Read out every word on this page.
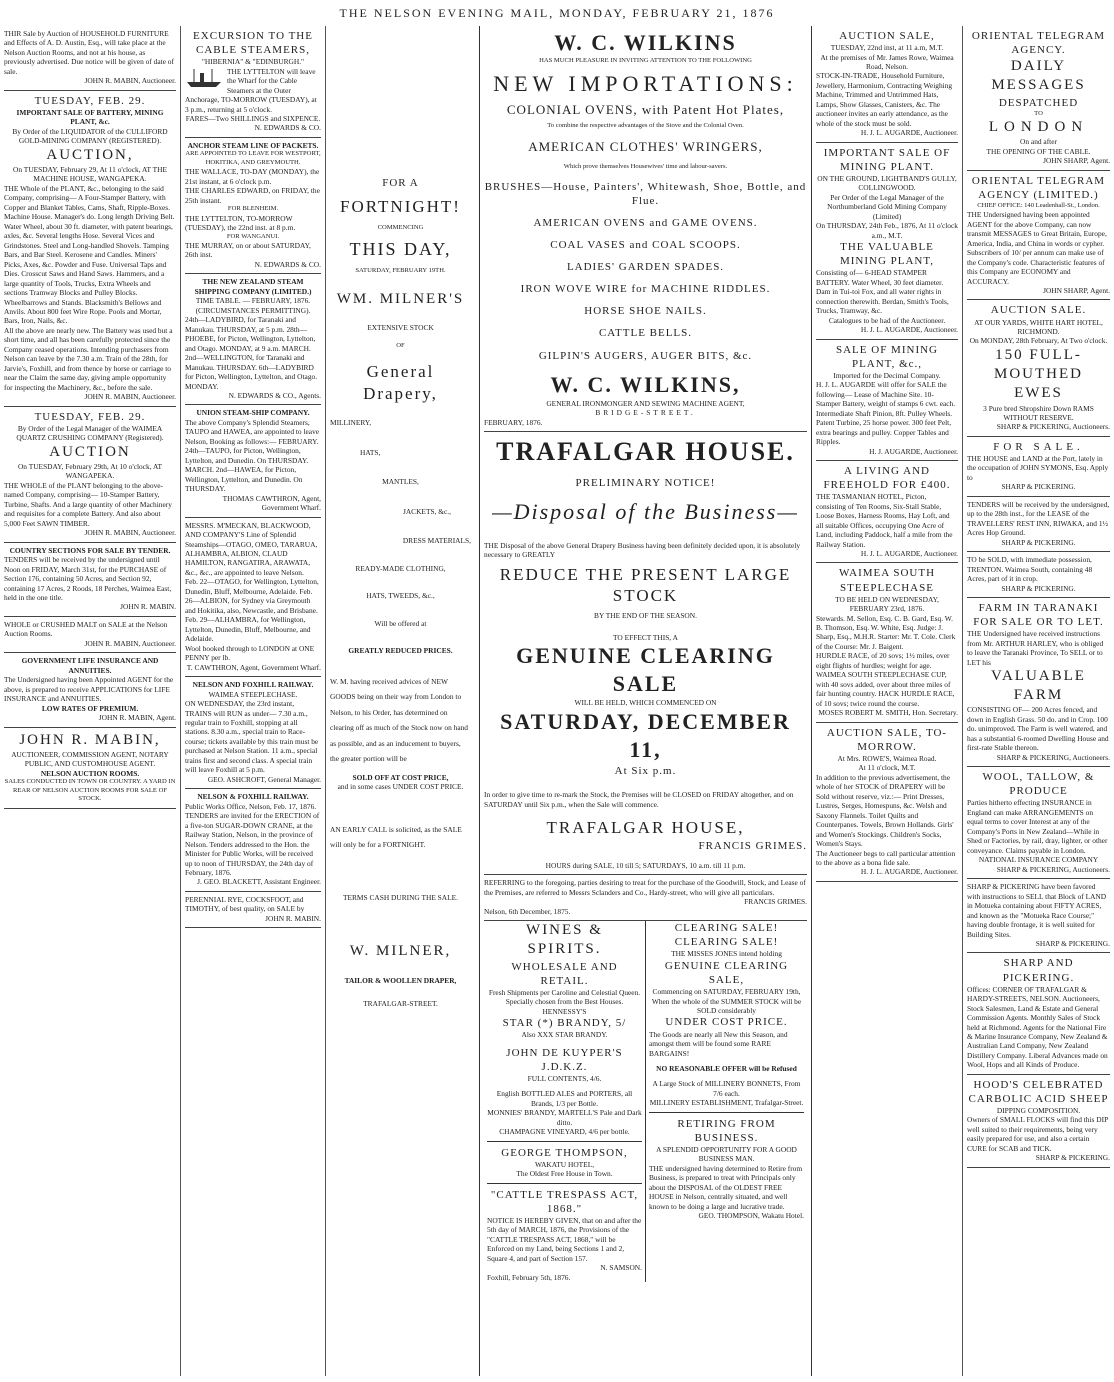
THE NELSON EVENING MAIL, MONDAY, FEBRUARY 21, 1876
THIR Sale by Auction of HOUSEHOLD FURNITURE and Effects of A. D. Austin, Esq., will take place at the Nelson Auction Rooms, and not at his house, as previously advertised. Due notice will be given of date of sale.
JOHN R. MABIN, Auctioneer.
TUESDAY, FEB. 29.
IMPORTANT SALE OF BATTERY, MINING PLANT, &c.
By Order of the LIQUIDATOR of the CULLIFORD GOLD-MINING COMPANY (REGISTERED).
AUCTION,
On TUESDAY, February 29, At 11 o'clock, AT THE MACHINE HOUSE, WANGAPEKA.
THE Whole of the PLANT, &c., belonging to the said Company, comprising— A Four-Stamper Battery, with Copper and Blanket Tables, Cams, Shaft, Ripple-Boxes. Machine House. Manager's do. Long length Driving Belt. Water Wheel, about 30 ft. diameter, with patent bearings, axles, &c. Several lengths Hose. Several Vices and Grindstones. Steel and Long-handled Shovels. Tamping Bars, and Bar Steel. Kerosene and Candles. Miners' Picks, Axes, &c. Powder and Fuse. Universal Taps and Dies. Crosscut Saws and Hand Saws. Hammers, and a large quantity of Tools, Trucks, Extra Wheels and sections Tramway Blocks and Pulley Blocks. Wheelbarrows and Stands. Blacksmith's Bellows and Anvils. About 800 feet Wire Rope. Pools and Mortar, Bars, Iron, Nails, &c.
All the above are nearly new. The Battery was used but a short time, and all has been carefully protected since the Company ceased operations. Intending purchasers from Nelson can leave by the 7.30 a.m. Train of the 28th, for Jarvie's, Foxhill, and from thence by horse or carriage to near the Claim the same day, giving ample opportunity for inspecting the Machinery, &c., before the sale.
JOHN R. MABIN, Auctioneer.
TUESDAY, FEB. 29.
By Order of the Legal Manager of the WAIMEA QUARTZ CRUSHING COMPANY (Registered).
AUCTION
On TUESDAY, February 29th, At 10 o'clock, AT WANGAPEKA.
THE WHOLE of the PLANT belonging to the above-named Company, comprising— 10-Stamper Battery, Turbine, Shafts. And a large quantity of other Machinery and requisites for a complete Battery. And also about 5,000 Feet SAWN TIMBER.
JOHN R. MABIN, Auctioneer.
COUNTRY SECTIONS FOR SALE BY TENDER.
TENDERS will be received by the undersigned until Noon on FRIDAY, March 31st, for the PURCHASE of Section 176, containing 50 Acres, and Section 92, containing 17 Acres, 2 Roods, 18 Perches, Waimea East, held in the one title.
JOHN R. MABIN.
WHOLE or CRUSHED MALT on SALE at the Nelson Auction Rooms.
JOHN R. MABIN, Auctioneer.
GOVERNMENT LIFE INSURANCE AND ANNUITIES.
The Undersigned having been Appointed AGENT for the above, is prepared to receive APPLICATIONS for LIFE INSURANCE and ANNUITIES.
LOW RATES OF PREMIUM.
JOHN R. MABIN, Agent.
JOHN R. MABIN,
AUCTIONEER, COMMISSION AGENT, NOTARY PUBLIC, AND CUSTOMHOUSE AGENT.
NELSON AUCTION ROOMS.
SALES CONDUCTED IN TOWN OR COUNTRY. A YARD IN REAR OF NELSON AUCTION ROOMS FOR SALE OF STOCK.
EXCURSION TO THE CABLE STEAMERS,
"HIBERNIA" & "EDINBURGH."
THE LYTTELTON will leave the Wharf for the Cable Steamers at the Outer Anchorage, TO-MORROW (TUESDAY), at 3 p.m., returning at 5 o'clock.
FARES—Two SHILLINGS and SIXPENCE.
N. EDWARDS & CO.
ANCHOR STEAM LINE OF PACKETS.
ARE APPOINTED TO LEAVE FOR WESTPORT, HOKITIKA, AND GREYMOUTH.
THE WALLACE, TO-DAY (MONDAY), the 21st instant, at 6 o'clock p.m.
THE CHARLES EDWARD, on FRIDAY, the 25th instant.
FOR BLENHEIM.
THE LYTTELTON, TO-MORROW (TUESDAY), the 22nd inst. at 8 p.m.
FOR WANGANUI.
THE MURRAY, on or about SATURDAY, 26th inst.
N. EDWARDS & CO.
THE NEW ZEALAND STEAM SHIPPING COMPANY (LIMITED.)
TIME TABLE. — FEBRUARY, 1876. (CIRCUMSTANCES PERMITTING).
24th—LADYBIRD, for Taranaki and Manukau. THURSDAY, at 5 p.m. 28th—PHOEBE, for Picton, Wellington, Lyttelton, and Otago. MONDAY, at 9 a.m. MARCH. 2nd—WELLINGTON, for Taranaki and Manukau. THURSDAY. 6th—LADYBIRD for Picton, Wellington, Lyttelton, and Otago. MONDAY.
N. EDWARDS & CO., Agents.
UNION STEAM-SHIP COMPANY.
The above Company's Splendid Steamers, TAUPO and HAWEA, are appointed to leave Nelson, Booking as follows:— FEBRUARY. 24th—TAUPO, for Picton, Wellington, Lyttelton, and Dunedin. On THURSDAY. MARCH. 2nd—HAWEA, for Picton, Wellington, Lyttelton, and Dunedin. On THURSDAY.
THOMAS CAWTHRON, Agent, Government Wharf.
MESSRS. M'MECKAN, BLACKWOOD, AND COMPANY'S Line of Splendid Steamships—OTAGO, OMEO, TARARUA, ALHAMBRA, ALBION, CLAUD HAMILTON, RANGATIRA, ARAWATA, &c., &c., are appointed to leave Nelson.
Feb. 22—OTAGO, for Wellington, Lyttelton, Dunedin, Bluff, Melbourne, Adelaide. Feb. 26—ALBION, for Sydney via Greymouth and Hokitika, also, Newcastle, and Brisbane. Feb. 29—ALHAMBRA, for Wellington, Lyttelton, Dunedin, Bluff, Melbourne, and Adelaide.
Wool booked through to LONDON at ONE PENNY per lb.
T. CAWTHRON, Agent, Government Wharf.
NELSON AND FOXHILL RAILWAY.
WAIMEA STEEPLECHASE.
ON WEDNESDAY, the 23rd instant, TRAINS will RUN as under— 7.30 a.m., regular train to Foxhill, stopping at all stations. 8.30 a.m., special train to Race-course; tickets available by this train must be purchased at Nelson Station. 11 a.m., special trains first and second class. A special train will leave Foxhill at 5 p.m.
GEO. ASHCROFT, General Manager.
NELSON & FOXHILL RAILWAY.
Public Works Office, Nelson, Feb. 17, 1876. TENDERS are invited for the ERECTION of a five-ton SUGAR-DOWN CRANE, at the Railway Station, Nelson, in the province of Nelson. Tenders addressed to the Hon. the Minister for Public Works, will be received up to noon of THURSDAY, the 24th day of February, 1876.
J. GEO. BLACKETT, Assistant Engineer.
PERENNIAL RYE, COCKSFOOT, and TIMOTHY, of best quality, on SALE by
JOHN R. MABIN.
FOR A
FORTNIGHT!
COMMENCING
THIS DAY,
SATURDAY, FEBRUARY 19TH.
WM. MILNER'S
EXTENSIVE STOCK
OF
General Drapery,
MILLINERY,
HATS,
MANTLES,
JACKETS, &c.,
DRESS MATERIALS,
READY-MADE CLOTHING,
HATS, TWEEDS, &c.,
Will be offered at
GREATLY REDUCED PRICES.
W. M. having received advices of NEW GOODS being on their way from London to Nelson, to his Order, has determined on clearing off as much of the Stock now on hand as possible, and as an inducement to buyers, the greater portion will be
SOLD OFF AT COST PRICE,
and in some cases UNDER COST PRICE.
AN EARLY CALL is solicited, as the SALE will only be for a FORTNIGHT.
TERMS CASH DURING THE SALE.
W. MILNER,
TAILOR & WOOLLEN DRAPER,
TRAFALGAR-STREET.
W. C. WILKINS
HAS MUCH PLEASURE IN INVITING ATTENTION TO THE FOLLOWING
NEW IMPORTATIONS:
COLONIAL OVENS, with Patent Hot Plates,
To combine the respective advantages of the Stove and the Colonial Oven.
AMERICAN CLOTHES' WRINGERS,
Which prove themselves Housewives' time and labour-savers.
BRUSHES—House, Painters', Whitewash, Shoe, Bottle, and Flue.
AMERICAN OVENS and GAME OVENS.
COAL VASES and COAL SCOOPS.
LADIES' GARDEN SPADES.
IRON WOVE WIRE for MACHINE RIDDLES.
HORSE SHOE NAILS.
CATTLE BELLS.
GILPIN'S AUGERS, AUGER BITS, &c.
W. C. WILKINS,
GENERAL IRONMONGER AND SEWING MACHINE AGENT,
BRIDGE-STREET.
FEBRUARY, 1876.
TRAFALGAR HOUSE.
PRELIMINARY NOTICE!
—Disposal of the Business—
THE Disposal of the above General Drapery Business having been definitely decided upon, it is absolutely necessary to GREATLY
REDUCE THE PRESENT LARGE STOCK
BY THE END OF THE SEASON.
TO EFFECT THIS, A
GENUINE CLEARING SALE
WILL BE HELD, WHICH COMMENCED ON
SATURDAY, DECEMBER 11,
At Six p.m.
In order to give time to re-mark the Stock, the Premises will be CLOSED on FRIDAY altogether, and on SATURDAY until Six p.m., when the Sale will commence.
TRAFALGAR HOUSE,
FRANCIS GRIMES.
HOURS during SALE, 10 till 5; SATURDAYS, 10 a.m. till 11 p.m.
REFERRING to the foregoing, parties desiring to treat for the purchase of the Goodwill, Stock, and Lease of the Premises, are referred to Messrs Sclanders and Co., Hardy-street, who will give all particulars.
FRANCIS GRIMES.
Nelson, 6th December, 1875.
WINES & SPIRITS.
WHOLESALE AND RETAIL.
Fresh Shipments per Caroline and Celestial Queen.
Specially chosen from the Best Houses.
HENNESSY'S
STAR (*) BRANDY, 5/
Also XXX STAR BRANDY.
JOHN DE KUYPER'S J.D.K.Z.
FULL CONTENTS, 4/6.
English BOTTLED ALES and PORTERS, all Brands, 1/3 per Bottle.
MONNIES' BRANDY, MARTELL'S Pale and Dark ditto.
CHAMPAGNE VINEYARD, 4/6 per bottle.
GEORGE THOMPSON,
WAKATU HOTEL,
The Oldest Free House in Town.
"CATTLE TRESPASS ACT, 1868."
NOTICE IS HEREBY GIVEN, that on and after the 5th day of MARCH, 1876, the Provisions of the "CATTLE TRESPASS ACT, 1868," will be Enforced on my Land, being Sections 1 and 2, Square 4, and part of Section 157.
N. SAMSON.
Foxhill, February 5th, 1876.
CLEARING SALE! CLEARING SALE!
THE MISSES JONES intend holding
GENUINE CLEARING SALE,
Commencing on SATURDAY, FEBRUARY 19th,
When the whole of the SUMMER STOCK will be SOLD considerably
UNDER COST PRICE.
The Goods are nearly all New this Season, and amongst them will be found some RARE BARGAINS!
NO REASONABLE OFFER will be Refused
A Large Stock of MILLINERY BONNETS, From 7/6 each.
MILLINERY ESTABLISHMENT, Trafalgar-Street.
RETIRING FROM BUSINESS.
A SPLENDID OPPORTUNITY FOR A GOOD BUSINESS MAN.
THE undersigned having determined to Retire from Business, is prepared to treat with Principals only about the DISPOSAL of the OLDEST FREE HOUSE in Nelson, centrally situated, and well known to be doing a large and lucrative trade.
GEO. THOMPSON, Wakatu Hotel.
AUCTION SALE,
TUESDAY, 22nd inst, at 11 a.m, M.T.
At the premises of Mr. James Rowe, Waimea Road, Nelson.
STOCK-IN-TRADE, Household Furniture, Jewellery, Harmonium, Contracting Weighing Machine, Trimmed and Untrimmed Hats, Lamps, Show Glasses, Canisters, &c. The auctioneer invites an early attendance, as the whole of the stock must be sold.
H. J. L. AUGARDE, Auctioneer.
IMPORTANT SALE OF MINING PLANT.
ON THE GROUND, LIGHTBAND'S GULLY, COLLINGWOOD.
Per Order of the Legal Manager of the Northumberland Gold Mining Company (Limited)
On THURSDAY, 24th Feb., 1876, At 11 o'clock a.m., M.T.
THE VALUABLE MINING PLANT,
Consisting of— 6-HEAD STAMPER BATTERY. Water Wheel, 30 feet diameter. Dam in Tui-toi Fox, and all water rights in connection therewith. Berdan, Smith's Tools, Trucks, Tramway, &c.
Catalogues to be had of the Auctioneer.
H. J. L. AUGARDE, Auctioneer.
SALE OF MINING PLANT, &c.,
Imported for the Decimal Company.
H. J. L. AUGARDE will offer for SALE the following— Lease of Machine Site. 10-Stamper Battery, weight of stamps 6 cwt. each. Intermediate Shaft Pinion, 8ft. Pulley Wheels. Patent Turbine, 25 horse power. 300 feet Pelt, extra bearings and pulley. Copper Tables and Ripples.
H. J. AUGARDE, Auctioneer.
A LIVING AND FREEHOLD FOR £400.
THE TASMANIAN HOTEL, Picton, consisting of Ten Rooms, Six-Stall Stable, Loose Boxes, Harness Rooms, Hay Loft, and all suitable Offices, occupying One Acre of Land, including Paddock, half a mile from the Railway Station.
H. J. L. AUGARDE, Auctioneer.
WAIMEA SOUTH STEEPLECHASE
TO BE HELD ON WEDNESDAY, FEBRUARY 23rd, 1876.
Stewards. M. Sellon, Esq. C. B. Gard, Esq. W. B. Thomson, Esq. W. White, Esq. Judge: J. Sharp, Esq., M.H.R. Starter: Mr. T. Cole. Clerk of the Course: Mr. J. Baigent.
HURDLE RACE, of 20 sovs; 1½ miles, over eight flights of hurdles; weight for age. WAIMEA SOUTH STEEPLECHASE CUP, with 40 sovs added, over about three miles of fair hunting country. HACK HURDLE RACE, of 10 sovs; twice round the course.
MOSES ROBERT M. SMITH, Hon. Secretary.
AUCTION SALE, TO-MORROW.
At Mrs. ROWE'S, Waimea Road.
At 11 o'clock, M.T.
In addition to the previous advertisement, the whole of her STOCK of DRAPERY will be Sold without reserve, viz.:— Print Dresses, Lustres, Serges, Homespuns, &c. Welsh and Saxony Flannels. Toilet Quilts and Counterpanes. Towels, Brown Hollands. Girls' and Women's Stockings. Children's Socks, Women's Stays.
The Auctioneer begs to call particular attention to the above as a bona fide sale.
H. J. L. AUGARDE, Auctioneer.
ORIENTAL TELEGRAM AGENCY.
DAILY MESSAGES
DESPATCHED
TO
LONDON
On and after
THE OPENING OF THE CABLE.
JOHN SHARP, Agent.
ORIENTAL TELEGRAM AGENCY (LIMITED.)
CHIEF OFFICE: 140 Leadenhall-St., London.
THE Undersigned having been appointed AGENT for the above Company, can now transmit MESSAGES to Great Britain, Europe, America, India, and China in words or cypher. Subscribers of 10/ per annum can make use of the Company's code. Characteristic features of this Company are ECONOMY and ACCURACY.
JOHN SHARP, Agent.
AUCTION SALE.
AT OUR YARDS, WHITE HART HOTEL, RICHMOND.
On MONDAY, 28th February, At Two o'clock.
150 FULL-MOUTHED EWES
3 Pure bred Shropshire Down RAMS WITHOUT RESERVE.
SHARP & PICKERING, Auctioneers.
FOR SALE.
THE HOUSE and LAND at the Port, lately in the occupation of JOHN SYMONS, Esq. Apply to
SHARP & PICKERING.
TENDERS will be received by the undersigned, up to the 28th inst., for the LEASE of the TRAVELLERS' REST INN, RIWAKA, and 1½ Acres Hop Ground.
SHARP & PICKERING.
TO be SOLD, with immediate possession, TRENTON. Waimea South, containing 48 Acres, part of it in crop.
SHARP & PICKERING.
FARM IN TARANAKI FOR SALE OR TO LET.
THE Undersigned have received instructions from Mr. ARTHUR HARLEY, who is obliged to leave the Taranaki Province, To SELL or to LET his
VALUABLE FARM
CONSISTING OF— 200 Acres fenced, and down in English Grass. 50 do. and in Crop. 100 do. unimproved. The Farm is well watered, and has a substantial 6-roomed Dwelling House and first-rate Stable thereon.
SHARP & PICKERING, Auctioneers.
WOOL, TALLOW, & PRODUCE
Parties hitherto effecting INSURANCE in England can make ARRANGEMENTS on equal terms to cover Interest at any of the Company's Ports in New Zealand—While in Shed or Factories, by rail, dray, lighter, or other conveyance. Claims payable in London.
NATIONAL INSURANCE COMPANY
SHARP & PICKERING, Auctioneers.
SHARP & PICKERING have been favored with instructions to SELL that Block of LAND in Motueka containing about FIFTY ACRES, and known as the "Motueka Race Course;" having double frontage, it is well suited for Building Sites.
SHARP & PICKERING.
SHARP AND PICKERING.
Offices: CORNER OF TRAFALGAR & HARDY-STREETS, NELSON. Auctioneers, Stock Salesmen, Land & Estate and General Commission Agents. Monthly Sales of Stock held at Richmond. Agents for the National Fire & Marine Insurance Company, New Zealand & Australian Land Company, New Zealand Distillery Company. Liberal Advances made on Wool, Hops and all Kinds of Produce.
HOOD'S CELEBRATED CARBOLIC ACID SHEEP
DIPPING COMPOSITION.
Owners of SMALL FLOCKS will find this DIP well suited to their requirements, being very easily prepared for use, and also a certain CURE for SCAB and TICK.
SHARP & PICKERING.
